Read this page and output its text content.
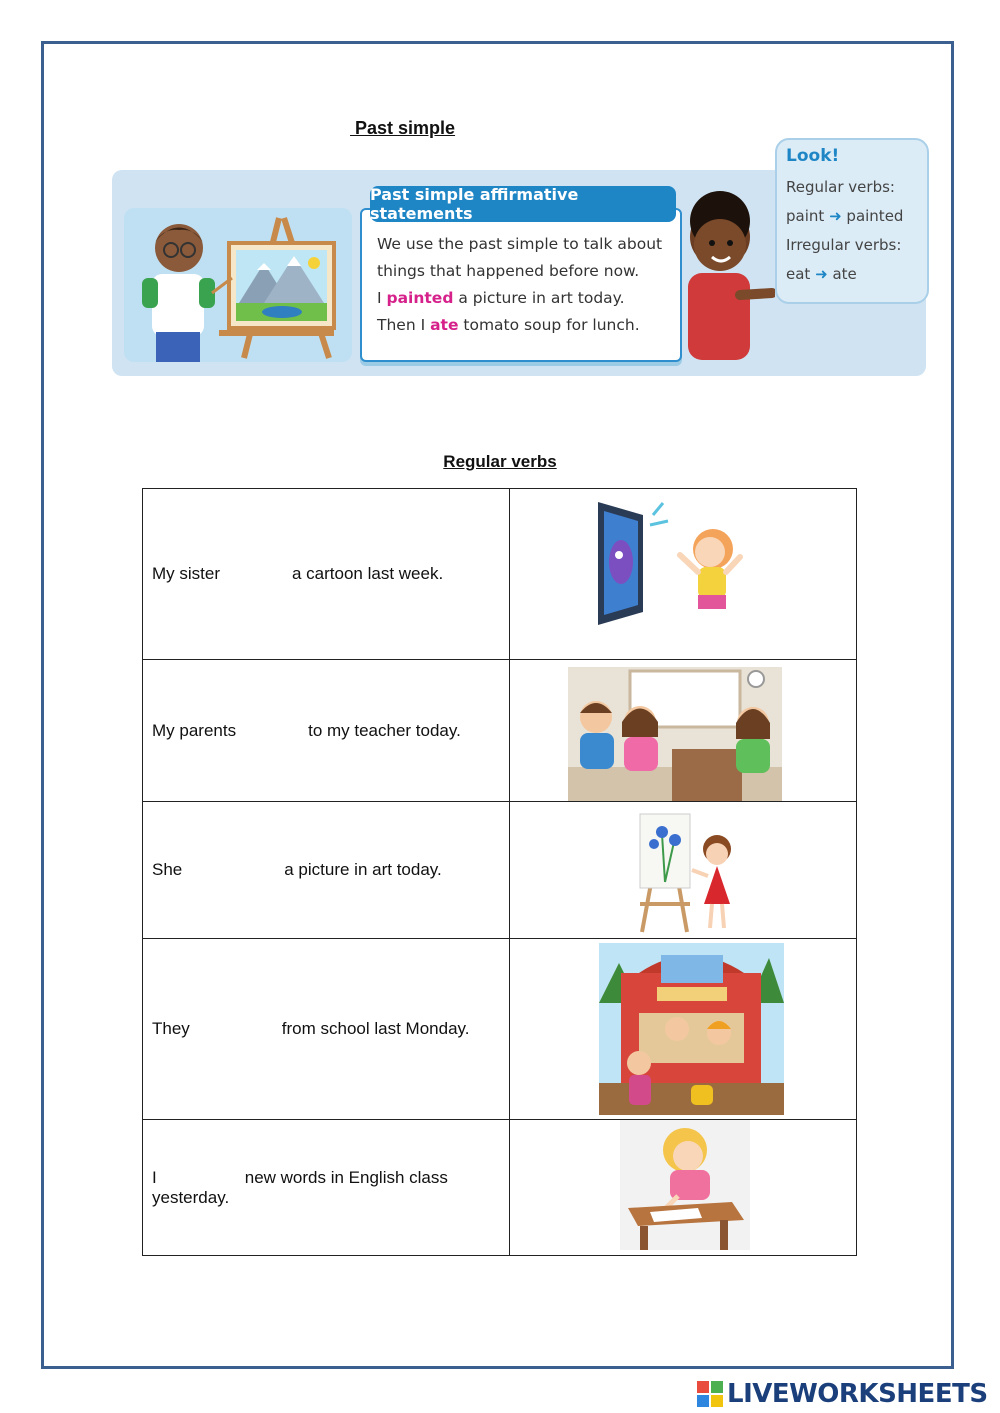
Past simple
Past simple affirmative statements
We use the past simple to talk about
things that happened before now.
I painted a picture in art today.
Then I ate tomato soup for lunch.
Look!
Regular verbs:
paint ➜ painted
Irregular verbs:
eat ➜ ate
Regular verbs
My sister a cartoon last week.	

My parents to my teacher today.	

She a picture in art today.	

They from school last Monday.	

I new words in English class
yesterday.	
LIVEWORKSHEETS
